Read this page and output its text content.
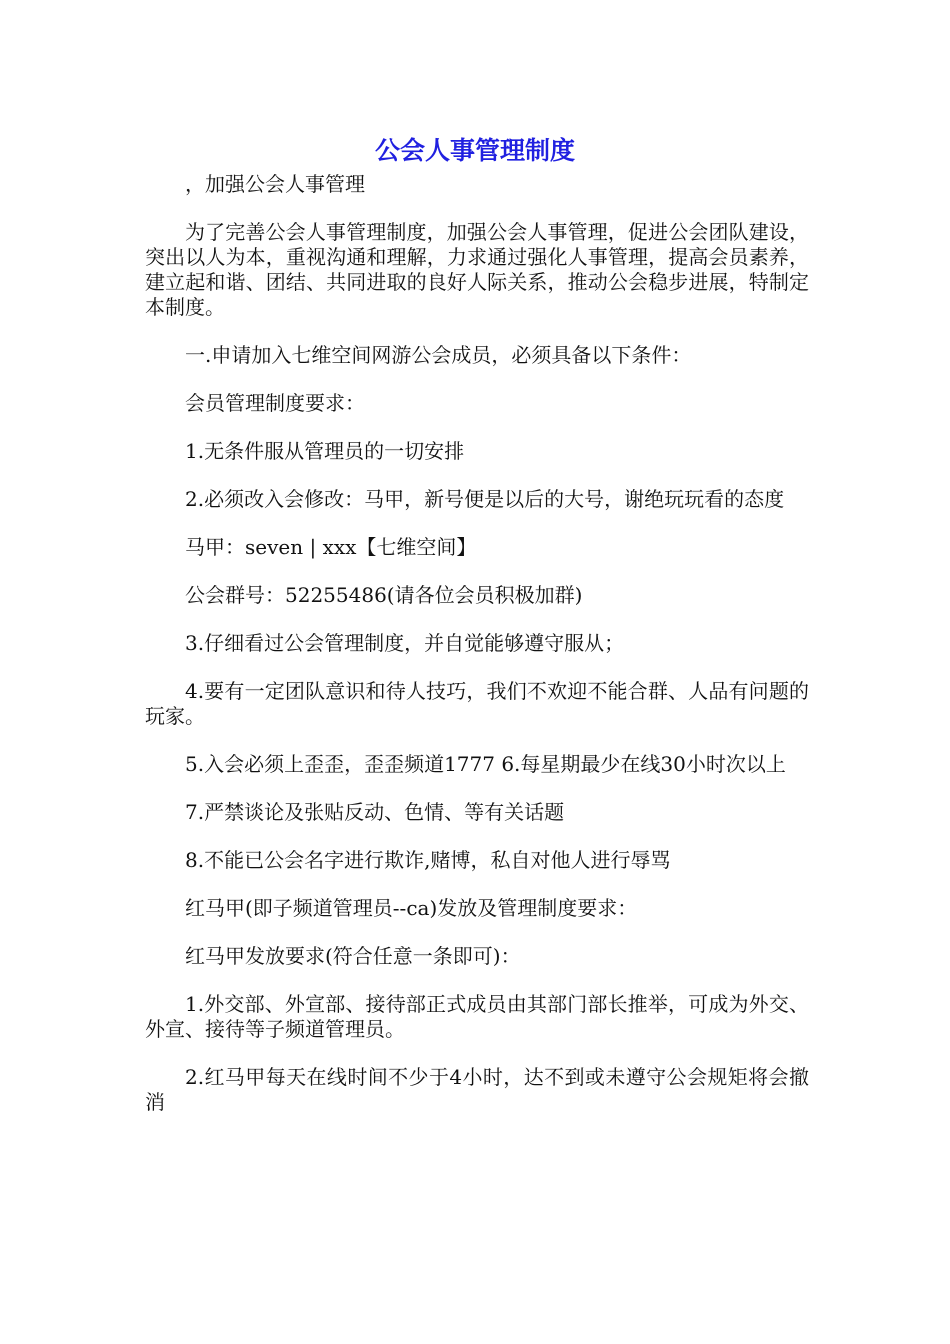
公会人事管理制度

，加强公会人事管理

为了完善公会人事管理制度，加强公会人事管理，促进公会团队建设，突出以人为本，重视沟通和理解，力求通过强化人事管理，提高会员素养，建立起和谐、团结、共同进取的良好人际关系，推动公会稳步进展，特制定本制度。

一.申请加入七维空间网游公会成员，必须具备以下条件：

会员管理制度要求：

1.无条件服从管理员的一切安排

2.必须改入会修改：马甲，新号便是以后的大号，谢绝玩玩看的态度

马甲：seven | xxx【七维空间】

公会群号：52255486(请各位会员积极加群)

3.仔细看过公会管理制度，并自觉能够遵守服从；

4.要有一定团队意识和待人技巧，我们不欢迎不能合群、人品有问题的玩家。

5.入会必须上歪歪，歪歪频道1777 6.每星期最少在线30小时次以上

7.严禁谈论及张贴反动、色情、等有关话题

8.不能已公会名字进行欺诈,赌博，私自对他人进行辱骂

红马甲(即子频道管理员--ca)发放及管理制度要求：

红马甲发放要求(符合任意一条即可)：

1.外交部、外宣部、接待部正式成员由其部门部长推举，可成为外交、外宣、接待等子频道管理员。

2.红马甲每天在线时间不少于4小时，达不到或未遵守公会规矩将会撤消
